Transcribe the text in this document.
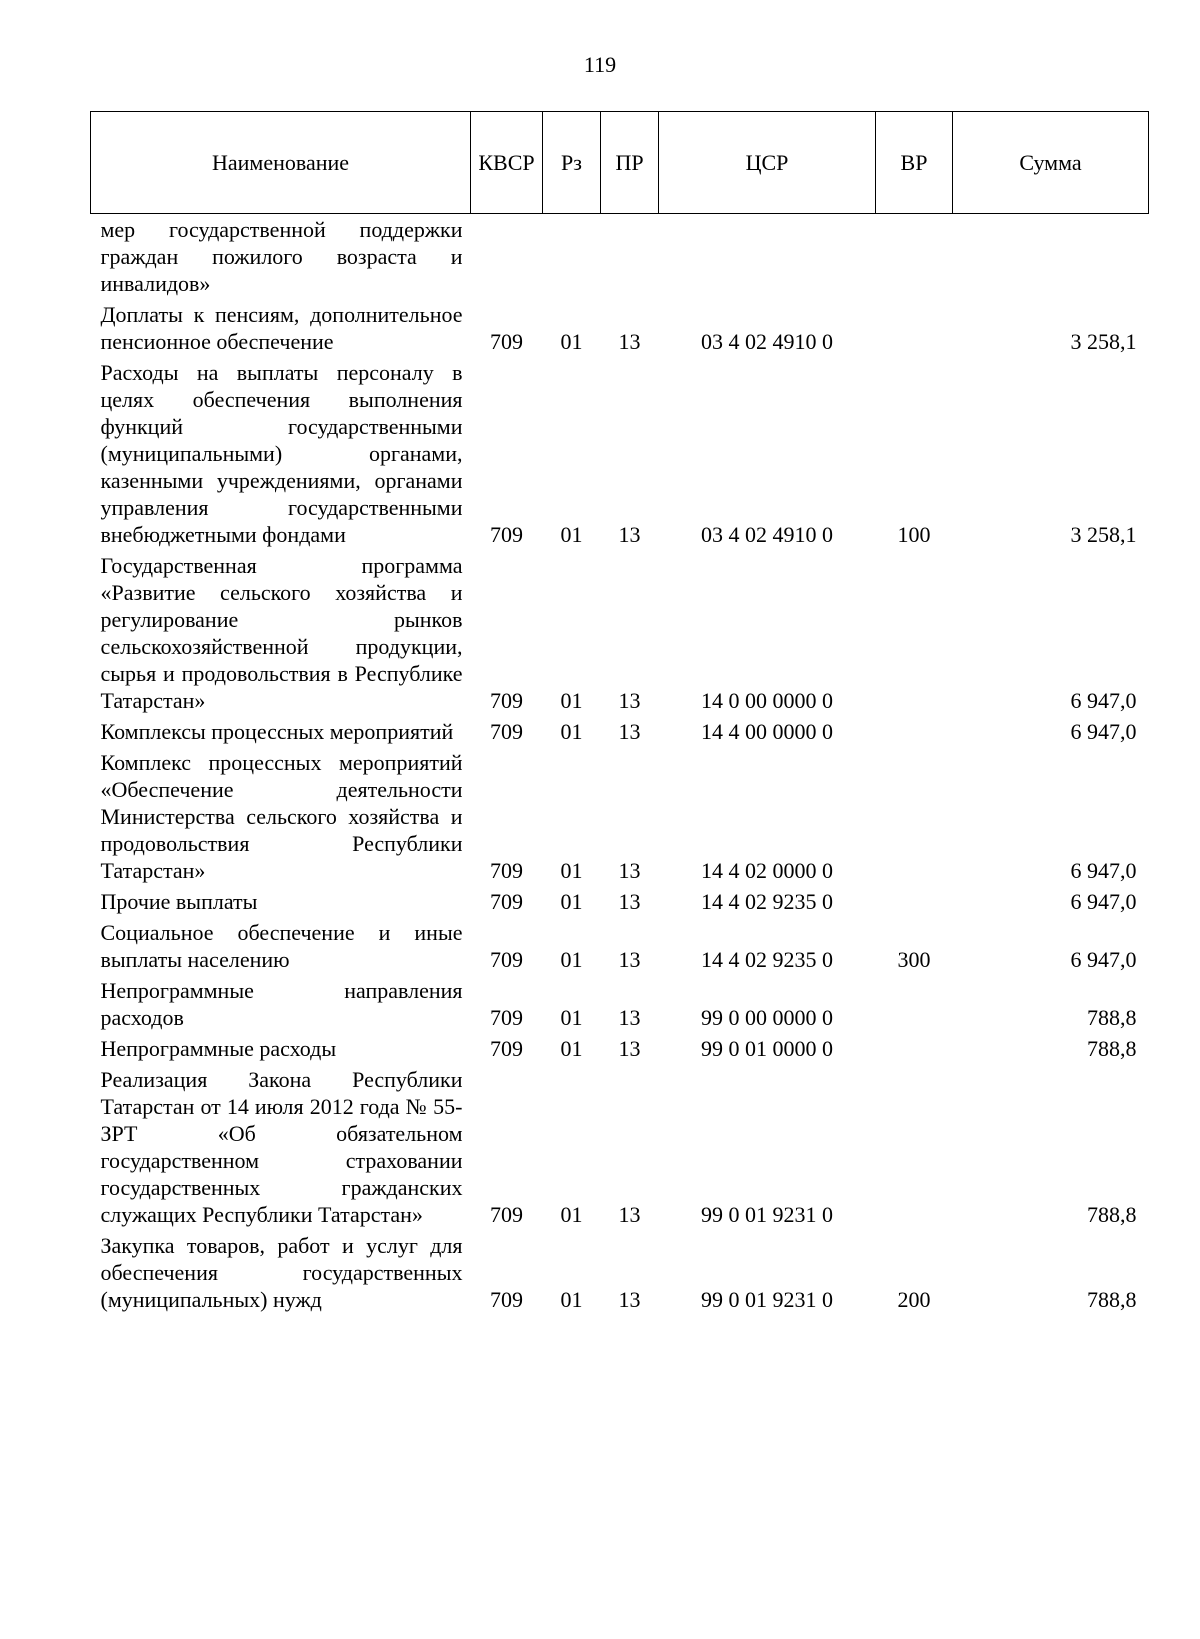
119
Наименование	КВСР	Рз	ПР	ЦСР	ВР	Сумма
мер государственной поддержки граждан пожилого возраста и инвалидов»						
Доплаты к пенсиям, дополнительное пенсионное обеспечение	709	01	13	03 4 02 4910 0		3 258,1
Расходы на выплаты персоналу в целях обеспечения выполнения функций государственными (муниципальными) органами, казенными учреждениями, органами управления государственными внебюджетными фондами	709	01	13	03 4 02 4910 0	100	3 258,1
Государственная программа «Развитие сельского хозяйства и регулирование рынков сельскохозяйственной продукции, сырья и продовольствия в Республике Татарстан»	709	01	13	14 0 00 0000 0		6 947,0
Комплексы процессных мероприятий	709	01	13	14 4 00 0000 0		6 947,0
Комплекс процессных мероприятий «Обеспечение деятельности Министерства сельского хозяйства и продовольствия Республики Татарстан»	709	01	13	14 4 02 0000 0		6 947,0
Прочие выплаты	709	01	13	14 4 02 9235 0		6 947,0
Социальное обеспечение и иные выплаты населению	709	01	13	14 4 02 9235 0	300	6 947,0
Непрограммные направления расходов	709	01	13	99 0 00 0000 0		788,8
Непрограммные расходы	709	01	13	99 0 01 0000 0		788,8
Реализация Закона Республики Татарстан от 14 июля 2012 года № 55-ЗРТ «Об обязательном государственном страховании государственных гражданских служащих Республики Татарстан»	709	01	13	99 0 01 9231 0		788,8
Закупка товаров, работ и услуг для обеспечения государственных (муниципальных) нужд	709	01	13	99 0 01 9231 0	200	788,8
